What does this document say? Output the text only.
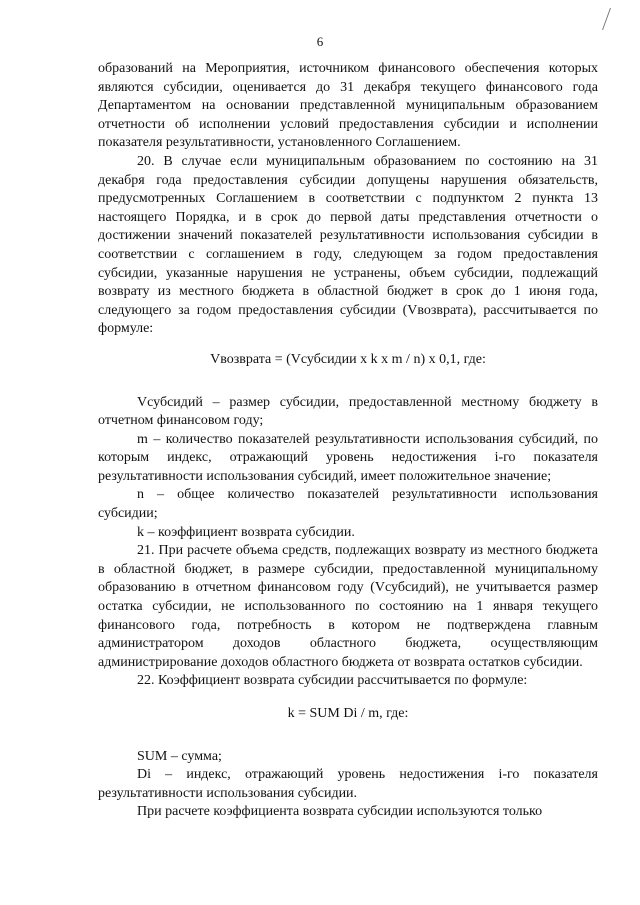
6

образований на Мероприятия, источником финансового обеспечения которых являются субсидии, оценивается до 31 декабря текущего финансового года Департаментом на основании представленной муниципальным образованием отчетности об исполнении условий предоставления субсидии и исполнении показателя результативности, установленного Соглашением.

20. В случае если муниципальным образованием по состоянию на 31 декабря года предоставления субсидии допущены нарушения обязательств, предусмотренных Соглашением в соответствии с подпунктом 2 пункта 13 настоящего Порядка, и в срок до первой даты представления отчетности о достижении значений показателей результативности использования субсидии в соответствии с соглашением в году, следующем за годом предоставления субсидии, указанные нарушения не устранены, объем субсидии, подлежащий возврату из местного бюджета в областной бюджет в срок до 1 июня года, следующего за годом предоставления субсидии (Vвозврата), рассчитывается по формуле:

Vвозврата = (Vсубсидии x k x m / n) x 0,1, где:

Vсубсидий – размер субсидии, предоставленной местному бюджету в отчетном финансовом году;

m – количество показателей результативности использования субсидий, по которым индекс, отражающий уровень недостижения i-го показателя результативности использования субсидий, имеет положительное значение;

n – общее количество показателей результативности использования субсидии;

k – коэффициент возврата субсидии.

21. При расчете объема средств, подлежащих возврату из местного бюджета в областной бюджет, в размере субсидии, предоставленной муниципальному образованию в отчетном финансовом году (Vсубсидий), не учитывается размер остатка субсидии, не использованного по состоянию на 1 января текущего финансового года, потребность в котором не подтверждена главным администратором доходов областного бюджета, осуществляющим администрирование доходов областного бюджета от возврата остатков субсидии.

22. Коэффициент возврата субсидии рассчитывается по формуле:

k = SUM Di / m, где:

SUM – сумма;

Di – индекс, отражающий уровень недостижения i-го показателя результативности использования субсидии.

При расчете коэффициента возврата субсидии используются только
